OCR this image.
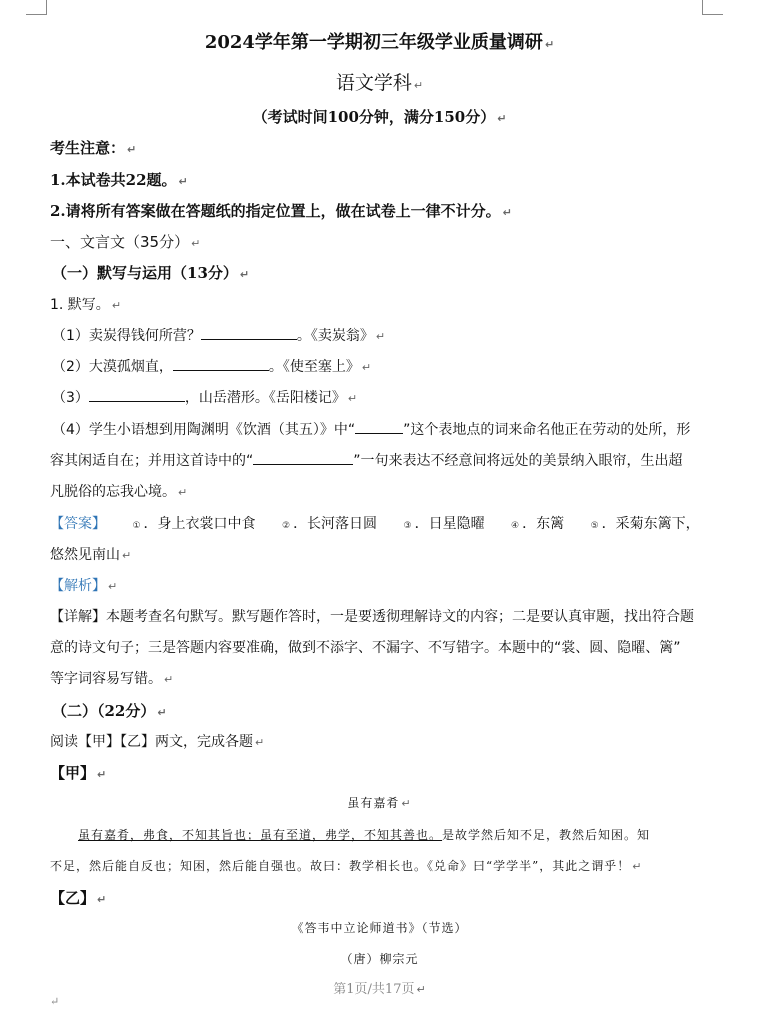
2024学年第一学期初三年级学业质量调研 ↵
语文学科 ↵
（考试时间100分钟，满分150分） ↵
考生注意： ↵
1.本试卷共22题。 ↵
2.请将所有答案做在答题纸的指定位置上，做在试卷上一律不计分。 ↵
一、文言文（35分） ↵
（一）默写与运用（13分） ↵
1. 默写。 ↵
（1）卖炭得钱何所营？	。《卖炭翁》 ↵
（2）大漠孤烟直，	。《使至塞上》 ↵
（3）	，山岳潜形。《岳阳楼记》 ↵
（4）学生小语想到用陶渊明《饮酒（其五）》中“	”这个表地点的词来命名他正在劳动的处所，形
容其闲适自在；并用这首诗中的“	”一句来表达不经意间将远处的美景纳入眼帘，生出超
凡脱俗的忘我心境。 ↵
【答案】	① ．身上衣裳口中食	② ．长河落日圆	③ ．日星隐曜	④ ．东篱	⑤ ．采菊东篱下，
悠然见南山 ↵
【解析】 ↵
【详解】本题考查名句默写。默写题作答时，一是要透彻理解诗文的内容；二是要认真审题，找出符合题
意的诗文句子；三是答题内容要准确，做到不添字、不漏字、不写错字。本题中的“裳、圆、隐曜、篱”
等字词容易写错。 ↵
（二）（22分） ↵
阅读【甲】【乙】两文，完成各题 ↵
【甲】 ↵
虽有嘉肴 ↵
虽有嘉肴，弗食，不知其旨也；虽有至道，弗学，不知其善也。是故学然后知不足，教然后知困。知
不足，然后能自反也；知困，然后能自强也。故曰：教学相长也。《兑命》曰“学学半”，其此之谓乎！ ↵
【乙】 ↵
《答韦中立论师道书》（节选）
（唐）柳宗元
第1页/共17页 ↵
↵
